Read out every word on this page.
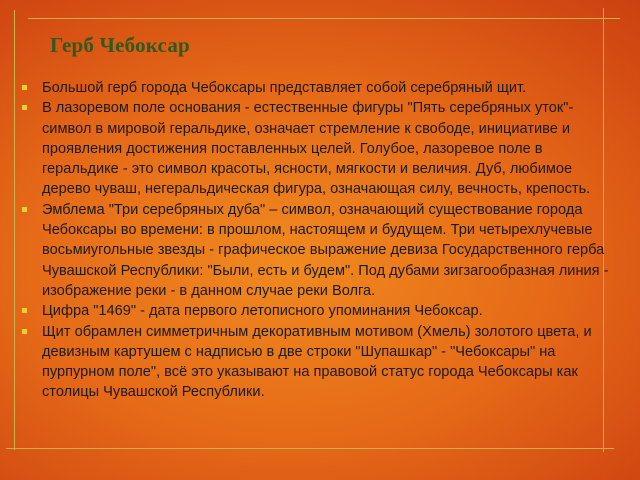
Герб Чебоксар
Большой герб города Чебоксары представляет собой серебряный щит.
В лазоревом поле основания - естественные фигуры "Пять серебряных уток"- символ в мировой геральдике, означает стремление к свободе, инициативе и проявления достижения поставленных целей. Голубое, лазоревое поле в геральдике - это символ красоты, ясности, мягкости и величия. Дуб, любимое дерево чуваш, негеральдическая фигура, означающая силу, вечность, крепость.
Эмблема "Три серебряных дуба" – символ, означающий существование города Чебоксары во времени: в прошлом, настоящем и будущем. Три четырехлучевые восьмиугольные звезды - графическое выражение девиза Государственного герба Чувашской Республики: "Были, есть и будем". Под дубами зигзагообразная линия - изображение реки - в данном случае реки Волга.
Цифра "1469" - дата первого летописного упоминания Чебоксар.
Щит обрамлен симметричным декоративным мотивом (Хмель) золотого цвета, и девизным картушем с надписью в две строки "Шупашкар" - "Чебоксары" на пурпурном поле", всё это указывают на правовой статус города Чебоксары как столицы Чувашской Республики.
